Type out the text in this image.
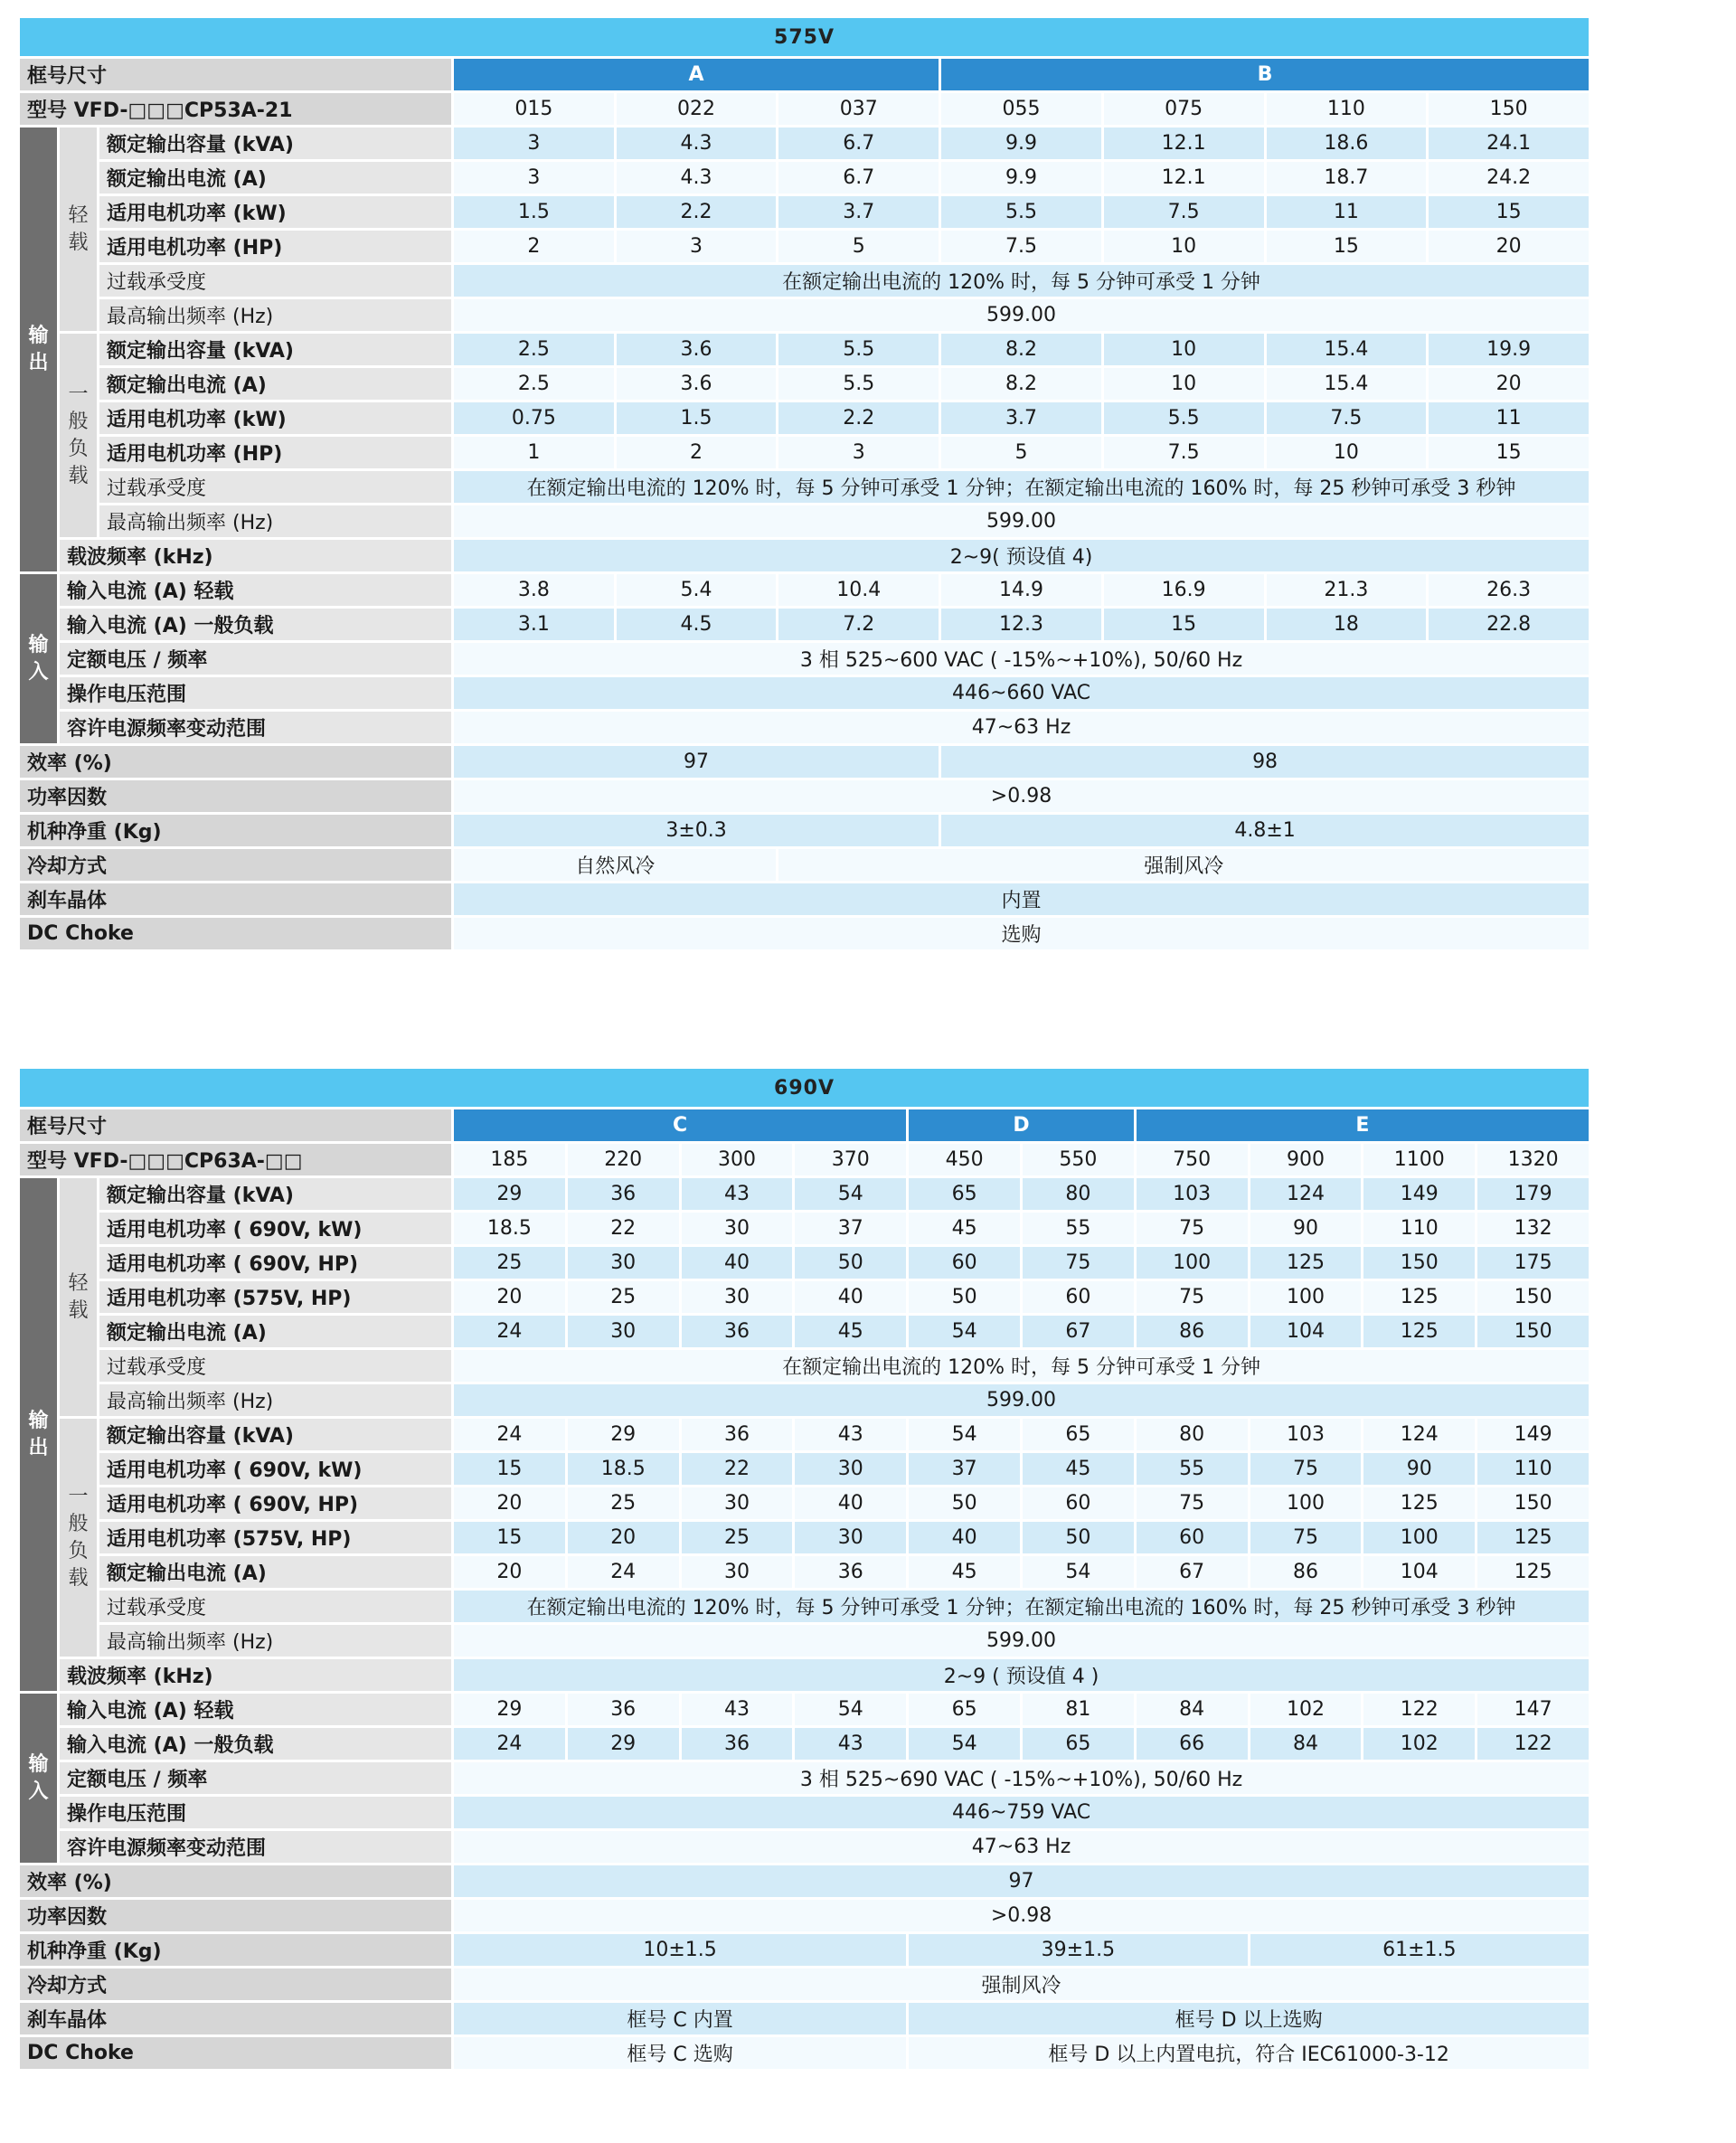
575V									
框号尺寸			A			B			
型号 VFD-□□□CP53A-21			015	022	037	055	075	110	150
输出	轻载	额定输出容量 (kVA)	3	4.3	6.7	9.9	12.1	18.6	24.1
		额定输出电流 (A)	3	4.3	6.7	9.9	12.1	18.7	24.2
		适用电机功率 (kW)	1.5	2.2	3.7	5.5	7.5	11	15
		适用电机功率 (HP)	2	3	5	7.5	10	15	20
		过载承受度	在额定输出电流的 120% 时，每 5 分钟可承受 1 分钟						
		最高输出频率 (Hz)	599.00						
	一般负载	额定输出容量 (kVA)	2.5	3.6	5.5	8.2	10	15.4	19.9
		额定输出电流 (A)	2.5	3.6	5.5	8.2	10	15.4	20
		适用电机功率 (kW)	0.75	1.5	2.2	3.7	5.5	7.5	11
		适用电机功率 (HP)	1	2	3	5	7.5	10	15
		过载承受度	在额定输出电流的 120% 时，每 5 分钟可承受 1 分钟；在额定输出电流的 160% 时，每 25 秒钟可承受 3 秒钟						
		最高输出频率 (Hz)	599.00						
	载波频率 (kHz)		2~9( 预设值 4)						
输入	输入电流 (A) 轻载		3.8	5.4	10.4	14.9	16.9	21.3	26.3
	输入电流 (A) 一般负载		3.1	4.5	7.2	12.3	15	18	22.8
	定额电压 / 频率		3 相 525~600 VAC ( -15%~+10%), 50/60 Hz						
	操作电压范围		446~660 VAC						
	容许电源频率变动范围		47~63 Hz						
效率 (%)			97			98			
功率因数			>0.98						
机种净重 (Kg)			3±0.3			4.8±1			
冷却方式			自然风冷		强制风冷				
刹车晶体			内置						
DC Choke			选购						
690V												
框号尺寸			C				D		E			
型号 VFD-□□□CP63A-□□			185	220	300	370	450	550	750	900	1100	1320
输出	轻载	额定输出容量 (kVA)	29	36	43	54	65	80	103	124	149	179
		适用电机功率 ( 690V, kW)	18.5	22	30	37	45	55	75	90	110	132
		适用电机功率 ( 690V, HP)	25	30	40	50	60	75	100	125	150	175
		适用电机功率 (575V, HP)	20	25	30	40	50	60	75	100	125	150
		额定输出电流 (A)	24	30	36	45	54	67	86	104	125	150
		过载承受度	在额定输出电流的 120% 时，每 5 分钟可承受 1 分钟									
		最高输出频率 (Hz)	599.00									
	一般负载	额定输出容量 (kVA)	24	29	36	43	54	65	80	103	124	149
		适用电机功率 ( 690V, kW)	15	18.5	22	30	37	45	55	75	90	110
		适用电机功率 ( 690V, HP)	20	25	30	40	50	60	75	100	125	150
		适用电机功率 (575V, HP)	15	20	25	30	40	50	60	75	100	125
		额定输出电流 (A)	20	24	30	36	45	54	67	86	104	125
		过载承受度	在额定输出电流的 120% 时，每 5 分钟可承受 1 分钟；在额定输出电流的 160% 时，每 25 秒钟可承受 3 秒钟									
		最高输出频率 (Hz)	599.00									
	载波频率 (kHz)		2~9 ( 预设值 4 )									
输入	输入电流 (A) 轻载		29	36	43	54	65	81	84	102	122	147
	输入电流 (A) 一般负载		24	29	36	43	54	65	66	84	102	122
	定额电压 / 频率		3 相 525~690 VAC ( -15%~+10%), 50/60 Hz									
	操作电压范围		446~759 VAC									
	容许电源频率变动范围		47~63 Hz									
效率 (%)			97									
功率因数			>0.98									
机种净重 (Kg)			10±1.5				39±1.5			61±1.5		
冷却方式			强制风冷									
刹车晶体			框号 C 内置				框号 D 以上选购					
DC Choke			框号 C 选购				框号 D 以上内置电抗，符合 IEC61000-3-12					
